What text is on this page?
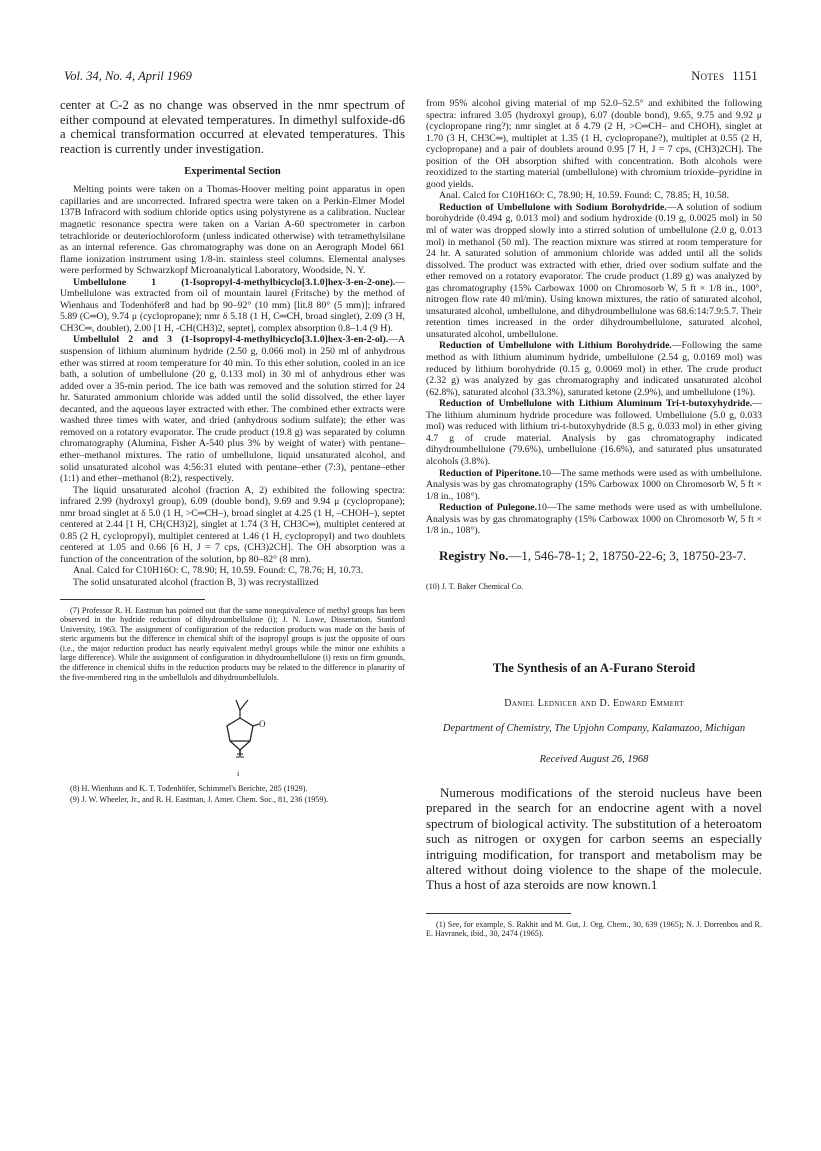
Vol. 34, No. 4, April 1969	Notes 1151

center at C-2 as no change was observed in the nmr spectrum of either compound at elevated temperatures. In dimethyl sulfoxide-d6 a chemical transformation occurred at elevated temperatures. This reaction is currently under investigation.

Experimental Section

Melting points were taken on a Thomas-Hoover melting point apparatus in open capillaries and are uncorrected. Infrared spectra were taken on a Perkin-Elmer Model 137B Infracord with sodium chloride optics using polystyrene as a calibration. Nuclear magnetic resonance spectra were taken on a Varian A-60 spectrometer in carbon tetrachloride or deuteriochloroform (unless indicated otherwise) with tetramethylsilane as an internal reference. Gas chromatography was done on an Aerograph Model 661 flame ionization instrument using 1/8-in. stainless steel columns. Elemental analyses were performed by Schwarzkopf Microanalytical Laboratory, Woodside, N. Y.

Umbellulone 1 (1-Isopropyl-4-methylbicyclo[3.1.0]hex-3-en-2-one).—Umbellulone was extracted from oil of mountain laurel (Fritsche) by the method of Wienhaus and Todenhöfer8 and had bp 90–92° (10 mm) [lit.8 80° (5 mm)]; infrared 5.89 (C═O), 9.74 μ (cyclopropane); nmr δ 5.18 (1 H, C═CH, broad singlet), 2.09 (3 H, CH3C═, doublet), 2.00 [1 H, -CH(CH3)2, septet], complex absorption 0.8–1.4 (9 H).

Umbellulol 2 and 3 (1-Isopropyl-4-methylbicyclo[3.1.0]hex-3-en-2-ol).—A suspension of lithium aluminum hydride (2.50 g, 0.066 mol) in 250 ml of anhydrous ether was stirred at room temperature for 40 min. To this ether solution, cooled in an ice bath, a solution of umbellulone (20 g, 0.133 mol) in 30 ml of anhydrous ether was added over a 35-min period. The ice bath was removed and the solution stirred for 24 hr. Saturated ammonium chloride was added until the solid dissolved, the ether layer decanted, and the aqueous layer extracted with ether. The combined ether extracts were washed three times with water, and dried (anhydrous sodium sulfate); the ether was removed on a rotatory evaporator. The crude product (19.8 g) was separated by column chromatography (Alumina, Fisher A-540 plus 3% by weight of water) with pentane–ether–methanol mixtures. The ratio of umbellulone, liquid unsaturated alcohol, and solid unsaturated alcohol was 4:56:31 eluted with pentane–ether (7:3), pentane–ether (1:1) and ether–methanol (8:2), respectively.

The liquid unsaturated alcohol (fraction A, 2) exhibited the following spectra: infrared 2.99 (hydroxyl group), 6.09 (double bond), 9.69 and 9.94 μ (cyclopropane); nmr broad singlet at δ 5.0 (1 H, >C═CH–), broad singlet at 4.25 (1 H, –CHOH–), septet centered at 2.44 [1 H, CH(CH3)2], singlet at 1.74 (3 H, CH3C═), multiplet centered at 0.85 (2 H, cyclopropyl), multiplet centered at 1.46 (1 H, cyclopropyl) and two doublets centered at 1.05 and 0.66 [6 H, J = 7 cps, (CH3)2CH]. The OH absorption was a function of the concentration of the solution, bp 80–82° (8 mm).

Anal. Calcd for C10H16O: C, 78.90; H, 10.59. Found: C, 78.76; H, 10.73.

The solid unsaturated alcohol (fraction B, 3) was recrystallized

(7) Professor R. H. Eastman has pointed out that the same nonequivalence of methyl groups has been observed in the hydride reduction of dihydroumbellulone (i); J. N. Lowe, Dissertation, Stanford University, 1963. The assignment of configuration of the reduction products was made on the basis of steric arguments but the difference in chemical shift of the isopropyl groups is just the opposite of ours (i.e., the major reduction product has nearly equivalent methyl groups while the minor one exhibits a large difference). While the assignment of configuration in dihydroumbellulone (i) rests on firm grounds, the difference in chemical shifts in the reduction products may be related to the difference in planarity of the five-membered ring in the umbellulols and dihydroumbellulols.

O
i

(8) H. Wienhaus and K. T. Todenhöfer, Schimmel's Berichte, 285 (1929).

(9) J. W. Wheeler, Jr., and R. H. Eastman, J. Amer. Chem. Soc., 81, 236 (1959).

from 95% alcohol giving material of mp 52.0–52.5° and exhibited the following spectra: infrared 3.05 (hydroxyl group), 6.07 (double bond), 9.65, 9.75 and 9.92 μ (cyclopropane ring?); nmr singlet at δ 4.79 (2 H, >C═CH– and CHOH), singlet at 1.70 (3 H, CH3C═), multiplet at 1.35 (1 H, cyclopropane?), multiplet at 0.55 (2 H, cyclopropane) and a pair of doublets around 0.95 [7 H, J = 7 cps, (CH3)2CH]. The position of the OH absorption shifted with concentration. Both alcohols were reoxidized to the starting material (umbellulone) with chromium trioxide–pyridine in good yields.

Anal. Calcd for C10H16O: C, 78.90; H, 10.59. Found: C, 78.85; H, 10.58.

Reduction of Umbellulone with Sodium Borohydride.—A solution of sodium borohydride (0.494 g, 0.013 mol) and sodium hydroxide (0.19 g, 0.0025 mol) in 50 ml of water was dropped slowly into a stirred solution of umbellulone (2.0 g, 0.013 mol) in methanol (50 ml). The reaction mixture was stirred at room temperature for 24 hr. A saturated solution of ammonium chloride was added until all the solids dissolved. The product was extracted with ether, dried over sodium sulfate and the ether removed on a rotatory evaporator. The crude product (1.89 g) was analyzed by gas chromatography (15% Carbowax 1000 on Chromosorb W, 5 ft × 1/8 in., 100°, nitrogen flow rate 40 ml/min). Using known mixtures, the ratio of saturated alcohol, unsaturated alcohol, umbellulone, and dihydroumbellulone was 68.6:14:7.9:5.7. Their retention times increased in the order dihydroumbellulone, saturated alcohol, unsaturated alcohol, umbellulone.

Reduction of Umbellulone with Lithium Borohydride.—Following the same method as with lithium aluminum hydride, umbellulone (2.54 g, 0.0169 mol) was reduced by lithium borohydride (0.15 g, 0.0069 mol) in ether. The crude product (2.32 g) was analyzed by gas chromatography and indicated unsaturated alcohol (62.8%), saturated alcohol (33.3%), saturated ketone (2.9%), and umbellulone (1%).

Reduction of Umbellulone with Lithium Aluminum Tri-t-butoxyhydride.—The lithium aluminum hydride procedure was followed. Umbellulone (5.0 g, 0.033 mol) was reduced with lithium tri-t-butoxyhydride (8.5 g, 0.033 mol) in ether giving 4.7 g of crude material. Analysis by gas chromatography indicated dihydroumbellulone (79.6%), umbellulone (16.6%), and saturated plus unsaturated alcohols (3.8%).

Reduction of Piperitone.10—The same methods were used as with umbellulone. Analysis was by gas chromatography (15% Carbowax 1000 on Chromosorb W, 5 ft × 1/8 in., 108°).

Reduction of Pulegone.10—The same methods were used as with umbellulone. Analysis was by gas chromatography (15% Carbowax 1000 on Chromosorb W, 5 ft × 1/8 in., 108°).

Registry No.—1, 546-78-1; 2, 18750-22-6; 3, 18750-23-7.

(10) J. T. Baker Chemical Co.

The Synthesis of an A-Furano Steroid
Daniel Lednicer and D. Edward Emmert
Department of Chemistry, The Upjohn Company, Kalamazoo, Michigan
Received August 26, 1968

Numerous modifications of the steroid nucleus have been prepared in the search for an endocrine agent with a novel spectrum of biological activity. The substitution of a heteroatom such as nitrogen or oxygen for carbon seems an especially intriguing modification, for transport and metabolism may be altered without doing violence to the shape of the molecule. Thus a host of aza steroids are now known.1

(1) See, for example, S. Rakhit and M. Gut, J. Org. Chem., 30, 639 (1965); N. J. Dorrenbos and R. E. Havranek, ibid., 30, 2474 (1965).
